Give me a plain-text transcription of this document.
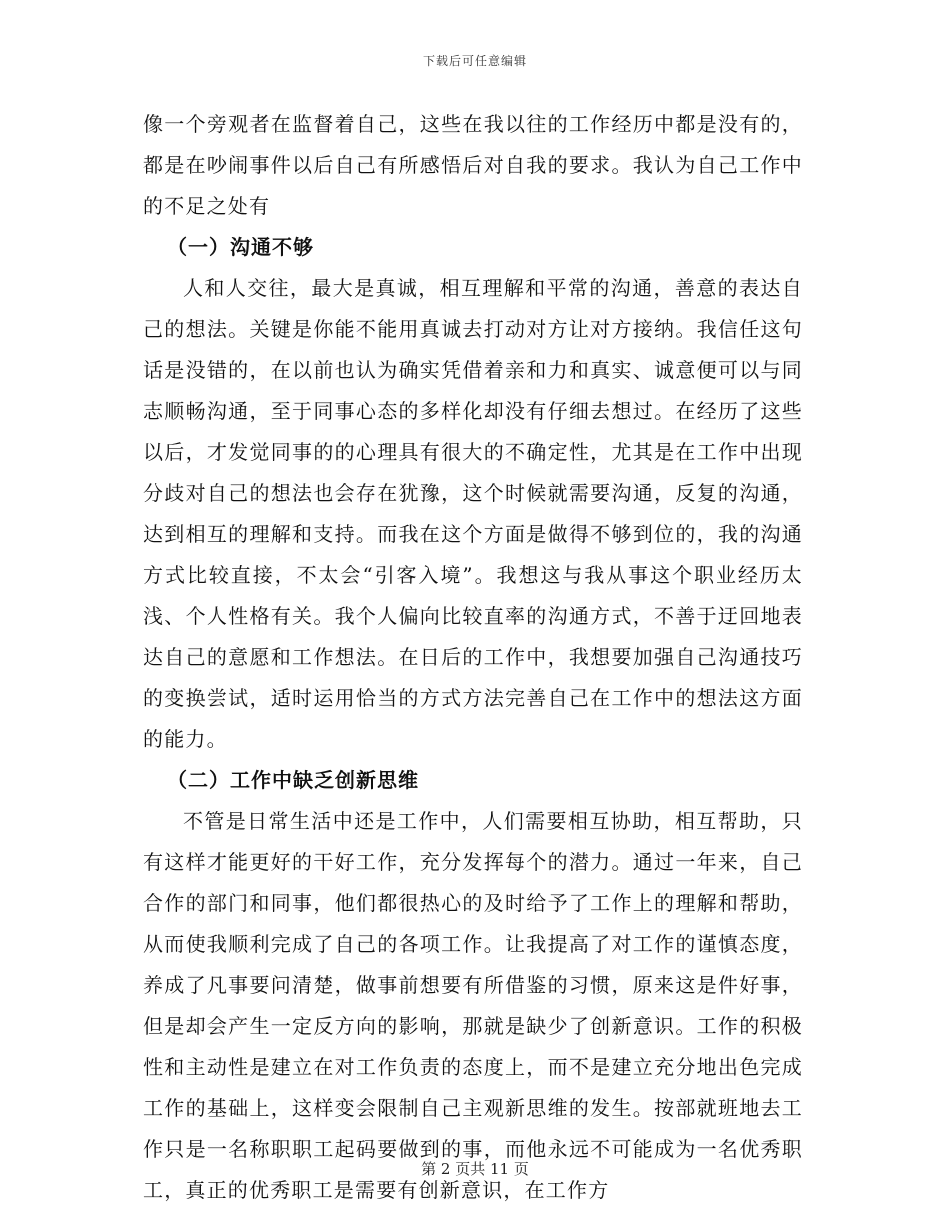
下载后可任意编辑

像一个旁观者在监督着自己，这些在我以往的工作经历中都是没有的，都是在吵闹事件以后自己有所感悟后对自我的要求。我认为自己工作中的不足之处有

（一）沟通不够

人和人交往，最大是真诚，相互理解和平常的沟通，善意的表达自己的想法。关键是你能不能用真诚去打动对方让对方接纳。我信任这句话是没错的，在以前也认为确实凭借着亲和力和真实、诚意便可以与同志顺畅沟通，至于同事心态的多样化却没有仔细去想过。在经历了这些以后，才发觉同事的的心理具有很大的不确定性，尤其是在工作中出现分歧对自己的想法也会存在犹豫，这个时候就需要沟通，反复的沟通，达到相互的理解和支持。而我在这个方面是做得不够到位的，我的沟通方式比较直接，不太会“引客入境”。我想这与我从事这个职业经历太浅、个人性格有关。我个人偏向比较直率的沟通方式，不善于迂回地表达自己的意愿和工作想法。在日后的工作中，我想要加强自己沟通技巧的变换尝试，适时运用恰当的方式方法完善自己在工作中的想法这方面的能力。

（二）工作中缺乏创新思维

不管是日常生活中还是工作中，人们需要相互协助，相互帮助，只有这样才能更好的干好工作，充分发挥每个的潜力。通过一年来，自己合作的部门和同事，他们都很热心的及时给予了工作上的理解和帮助，从而使我顺利完成了自己的各项工作。让我提高了对工作的谨慎态度，养成了凡事要问清楚，做事前想要有所借鉴的习惯，原来这是件好事，但是却会产生一定反方向的影响，那就是缺少了创新意识。工作的积极性和主动性是建立在对工作负责的态度上，而不是建立充分地出色完成工作的基础上，这样变会限制自己主观新思维的发生。按部就班地去工作只是一名称职职工起码要做到的事，而他永远不可能成为一名优秀职工，真正的优秀职工是需要有创新意识，在工作方

第 2 页共 11 页
